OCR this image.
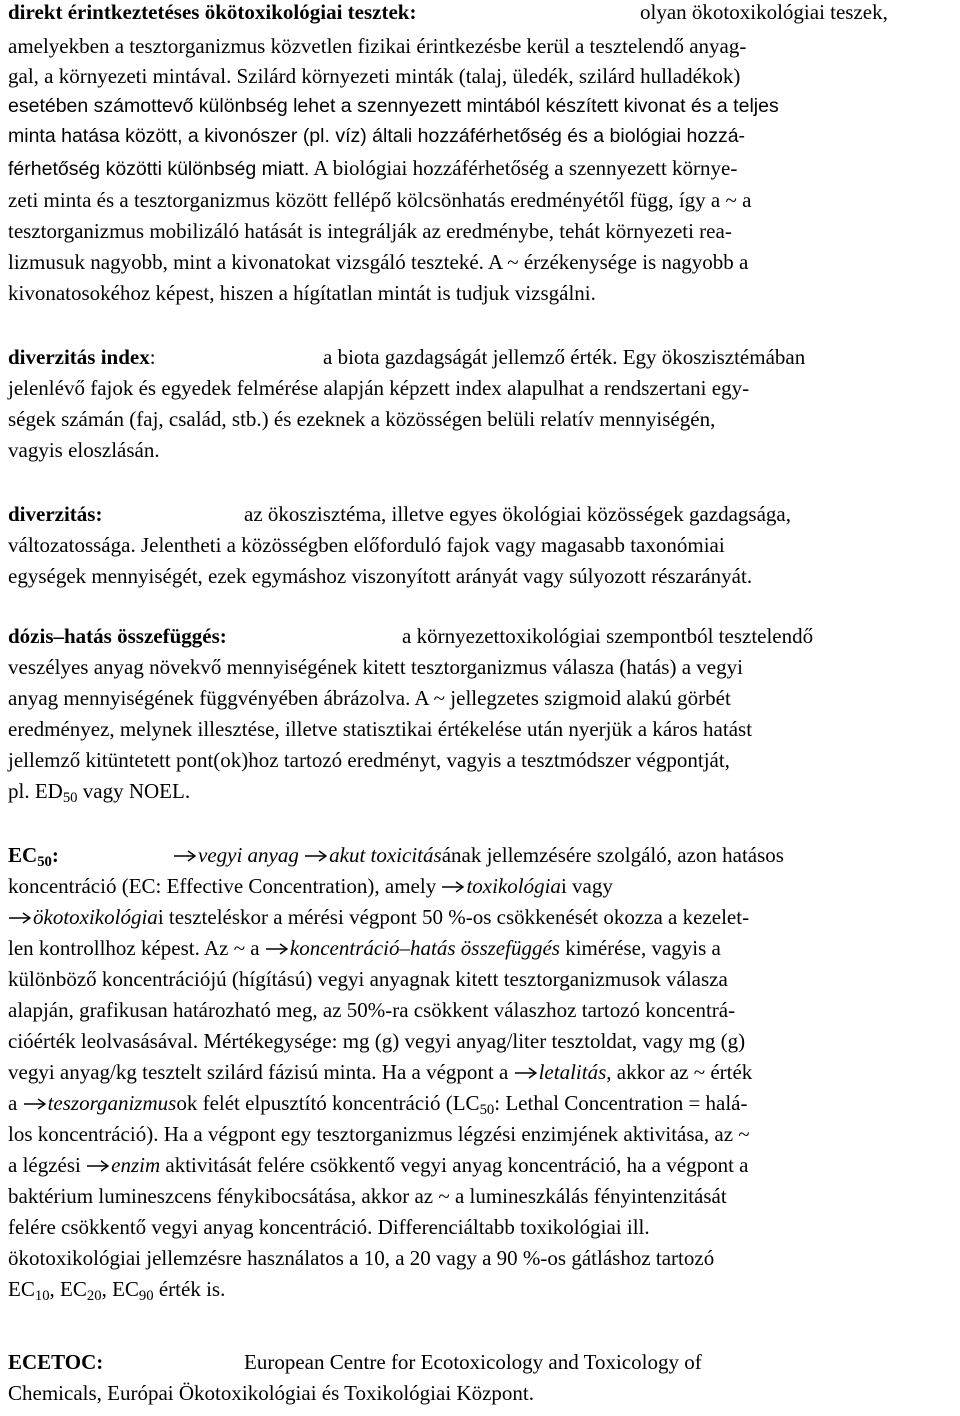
direkt érintkeztetéses ökötoxikológiai tesztek:	olyan ökotoxikológiai teszek,
amelyekben a tesztorganizmus közvetlen fizikai érintkezésbe kerül a tesztelendő anyag-
gal, a környezeti mintával. Szilárd környezeti minták (talaj, üledék, szilárd hulladékok)
esetében számottevő különbség lehet a szennyezett mintából készített kivonat és a teljes
minta hatása között, a kivonószer (pl. víz) általi hozzáférhetőség és a biológiai hozzá-
férhetőség közötti különbség miatt. A biológiai hozzáférhetőség a szennyezett környe-
zeti minta és a tesztorganizmus között fellépő kölcsönhatás eredményétől függ, így a ~ a
tesztorganizmus mobilizáló hatását is integrálják az eredménybe, tehát környezeti rea-
lizmusuk nagyobb, mint a kivonatokat vizsgáló teszteké. A ~ érzékenysége is nagyobb a
kivonatosokéhoz képest, hiszen a hígítatlan mintát is tudjuk vizsgálni.
diverzitás index:	a biota gazdagságát jellemző érték. Egy ökoszisztémában
jelenlévő fajok és egyedek felmérése alapján képzett index alapulhat a rendszertani egy-
ségek számán (faj, család, stb.) és ezeknek a közösségen belüli relatív mennyiségén,
vagyis eloszlásán.
diverzitás:	az ökoszisztéma, illetve egyes ökológiai közösségek gazdagsága,
változatossága. Jelentheti a közösségben előforduló fajok vagy magasabb taxonómiai
egységek mennyiségét, ezek egymáshoz viszonyított arányát vagy súlyozott részarányát.
dózis–hatás összefüggés:	a környezettoxikológiai szempontból tesztelendő
veszélyes anyag növekvő mennyiségének kitett tesztorganizmus válasza (hatás) a vegyi
anyag mennyiségének függvényében ábrázolva. A ~ jellegzetes szigmoid alakú görbét
eredményez, melynek illesztése, illetve statisztikai értékelése után nyerjük a káros hatást
jellemző kitüntetett pont(ok)hoz tartozó eredményt, vagyis a tesztmódszer végpontját,
pl. $ED_{50}$ vagy NOEL.
$EC_{50}$:	vegyi anyag akut toxicitásának jellemzésére szolgáló, azon hatásos
koncentráció (EC: Effective Concentration), amely
toxikológiai vagy
ökotoxikológiai teszteléskor a mérési végpont 50 %-os csökkenését okozza a kezelet-
len kontrollhoz képest. Az ~ a
koncentráció–hatás összefüggés kimérése, vagyis a
különböző koncentrációjú (hígítású) vegyi anyagnak kitett tesztorganizmusok válasza
alapján, grafikusan határozható meg, az 50%-ra csökkent válaszhoz tartozó koncentrá-
cióérték leolvasásával. Mértékegysége: mg (g) vegyi anyag/liter tesztoldat, vagy mg (g)
vegyi anyag/kg tesztelt szilárd fázisú minta. Ha a végpont a
letalitás, akkor az ~ érték
a
teszorganizmusok felét elpusztító koncentráció ($LC_{50}$: Lethal Concentration = halá-
los koncentráció). Ha a végpont egy tesztorganizmus légzési enzimjének aktivitása, az ~
a légzési
enzim aktivitását felére csökkentő vegyi anyag koncentráció, ha a végpont a
baktérium lumineszcens fénykibocsátása, akkor az ~ a lumineszkálás fényintenzitását
felére csökkentő vegyi anyag koncentráció. Differenciáltabb toxikológiai ill.
ökotoxikológiai jellemzésre használatos a 10, a 20 vagy a 90 %-os gátláshoz tartozó
$EC_{10}$, $EC_{20}$, $EC_{90}$ érték is.
ECETOC:	European Centre for Ecotoxicology and Toxicology of
Chemicals, Európai Ökotoxikológiai és Toxikológiai Központ.
